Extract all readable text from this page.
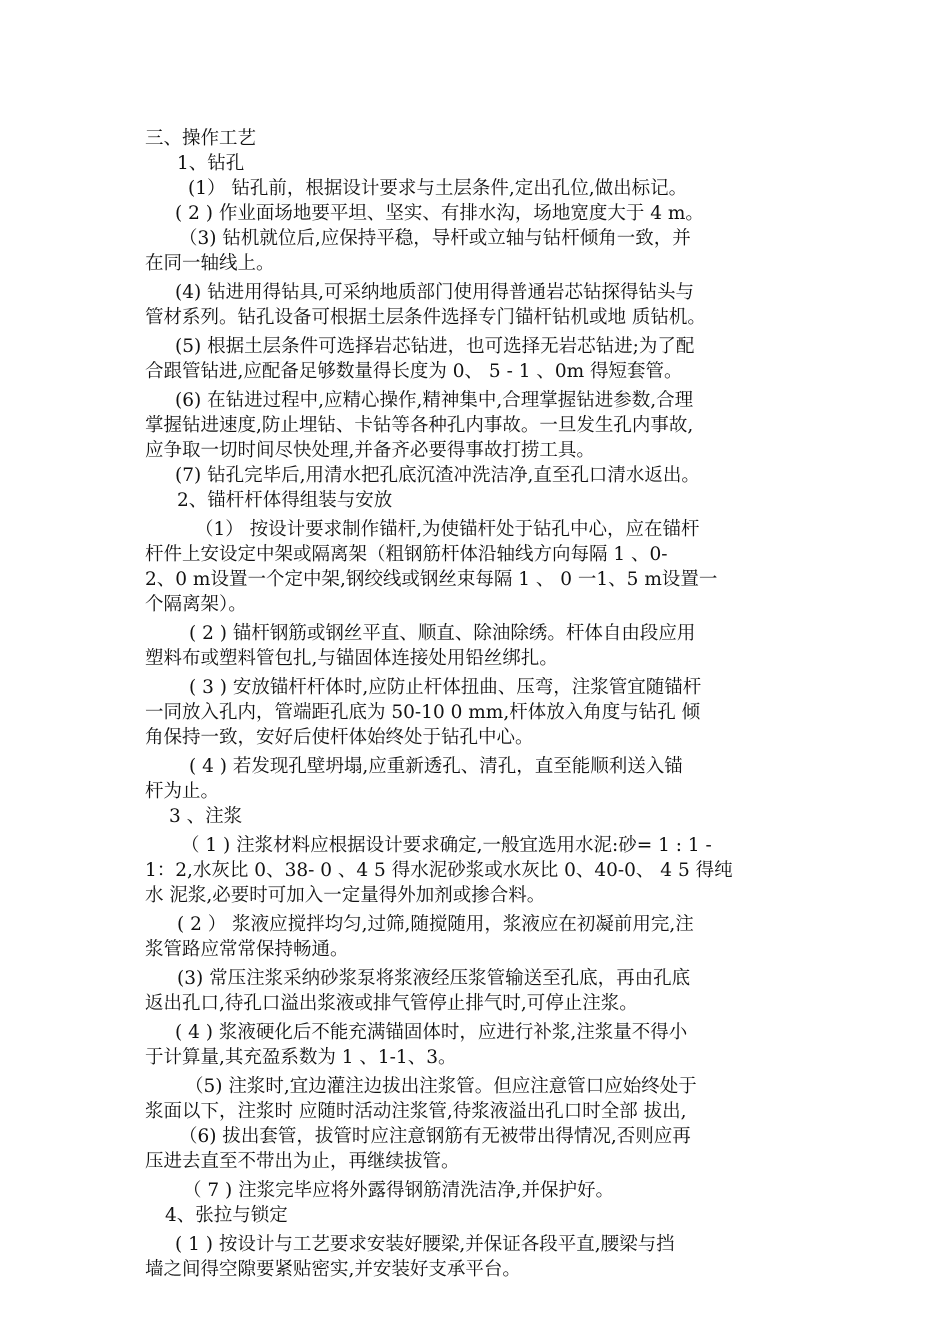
三、操作工艺
1、钻孔
(1） 钻孔前，根据设计要求与土层条件,定出孔位,做出标记。
( 2 ) 作业面场地要平坦、坚实、有排水沟，场地宽度大于 4 m。
（3) 钻机就位后,应保持平稳，导杆或立轴与钻杆倾角一致，并
在同一轴线上。
(4) 钻进用得钻具,可采纳地质部门使用得普通岩芯钻探得钻头与
管材系列。钻孔设备可根据土层条件选择专门锚杆钻机或地 质钻机。
(5) 根据土层条件可选择岩芯钻进，也可选择无岩芯钻进;为了配
合跟管钻进,应配备足够数量得长度为 0、 5 - 1 、0m 得短套管。
(6) 在钻进过程中,应精心操作,精神集中,合理掌握钻进参数,合理
掌握钻进速度,防止埋钻、卡钻等各种孔内事故。一旦发生孔内事故,
应争取一切时间尽快处理,并备齐必要得事故打捞工具。
(7) 钻孔完毕后,用清水把孔底沉渣冲洗洁净,直至孔口清水返出。
2、锚杆杆体得组装与安放
（1） 按设计要求制作锚杆,为使锚杆处于钻孔中心，应在锚杆
杆件上安设定中架或隔离架（粗钢筋杆体沿轴线方向每隔 1 、0-
2、0 m设置一个定中架,钢绞线或钢丝束每隔 1 、 0 一1、5 m设置一
个隔离架）。
( 2 ) 锚杆钢筋或钢丝平直、顺直、除油除绣。杆体自由段应用
塑料布或塑料管包扎,与锚固体连接处用铅丝绑扎。
( 3 ) 安放锚杆杆体时,应防止杆体扭曲、压弯，注浆管宜随锚杆
一同放入孔内，管端距孔底为 50-10 0 mm,杆体放入角度与钻孔 倾
角保持一致，安好后使杆体始终处于钻孔中心。
( 4 ) 若发现孔壁坍塌,应重新透孔、清孔，直至能顺利送入锚
杆为止。
3 、注浆
（ 1 ) 注浆材料应根据设计要求确定,一般宜选用水泥:砂= 1 : 1 -
1：2,水灰比 0、38- 0 、4 5 得水泥砂浆或水灰比 0、40-0、 4 5 得纯
水 泥浆,必要时可加入一定量得外加剂或掺合料。
( 2 ） 浆液应搅拌均匀,过筛,随搅随用，浆液应在初凝前用完,注
浆管路应常常保持畅通。
(3) 常压注浆采纳砂浆泵将浆液经压浆管输送至孔底，再由孔底
返出孔口,待孔口溢出浆液或排气管停止排气时,可停止注浆。
( 4 ) 浆液硬化后不能充满锚固体时，应进行补浆,注浆量不得小
于计算量,其充盈系数为 1 、1-1、3。
（5) 注浆时,宜边灌注边拔出注浆管。但应注意管口应始终处于
浆面以下，注浆时 应随时活动注浆管,待浆液溢出孔口时全部 拔出,
（6) 拔出套管，拔管时应注意钢筋有无被带出得情况,否则应再
压进去直至不带出为止，再继续拔管。
（ 7 ) 注浆完毕应将外露得钢筋清洗洁净,并保护好。
4、张拉与锁定
( 1 ) 按设计与工艺要求安装好腰梁,并保证各段平直,腰梁与挡
墙之间得空隙要紧贴密实,并安装好支承平台。
